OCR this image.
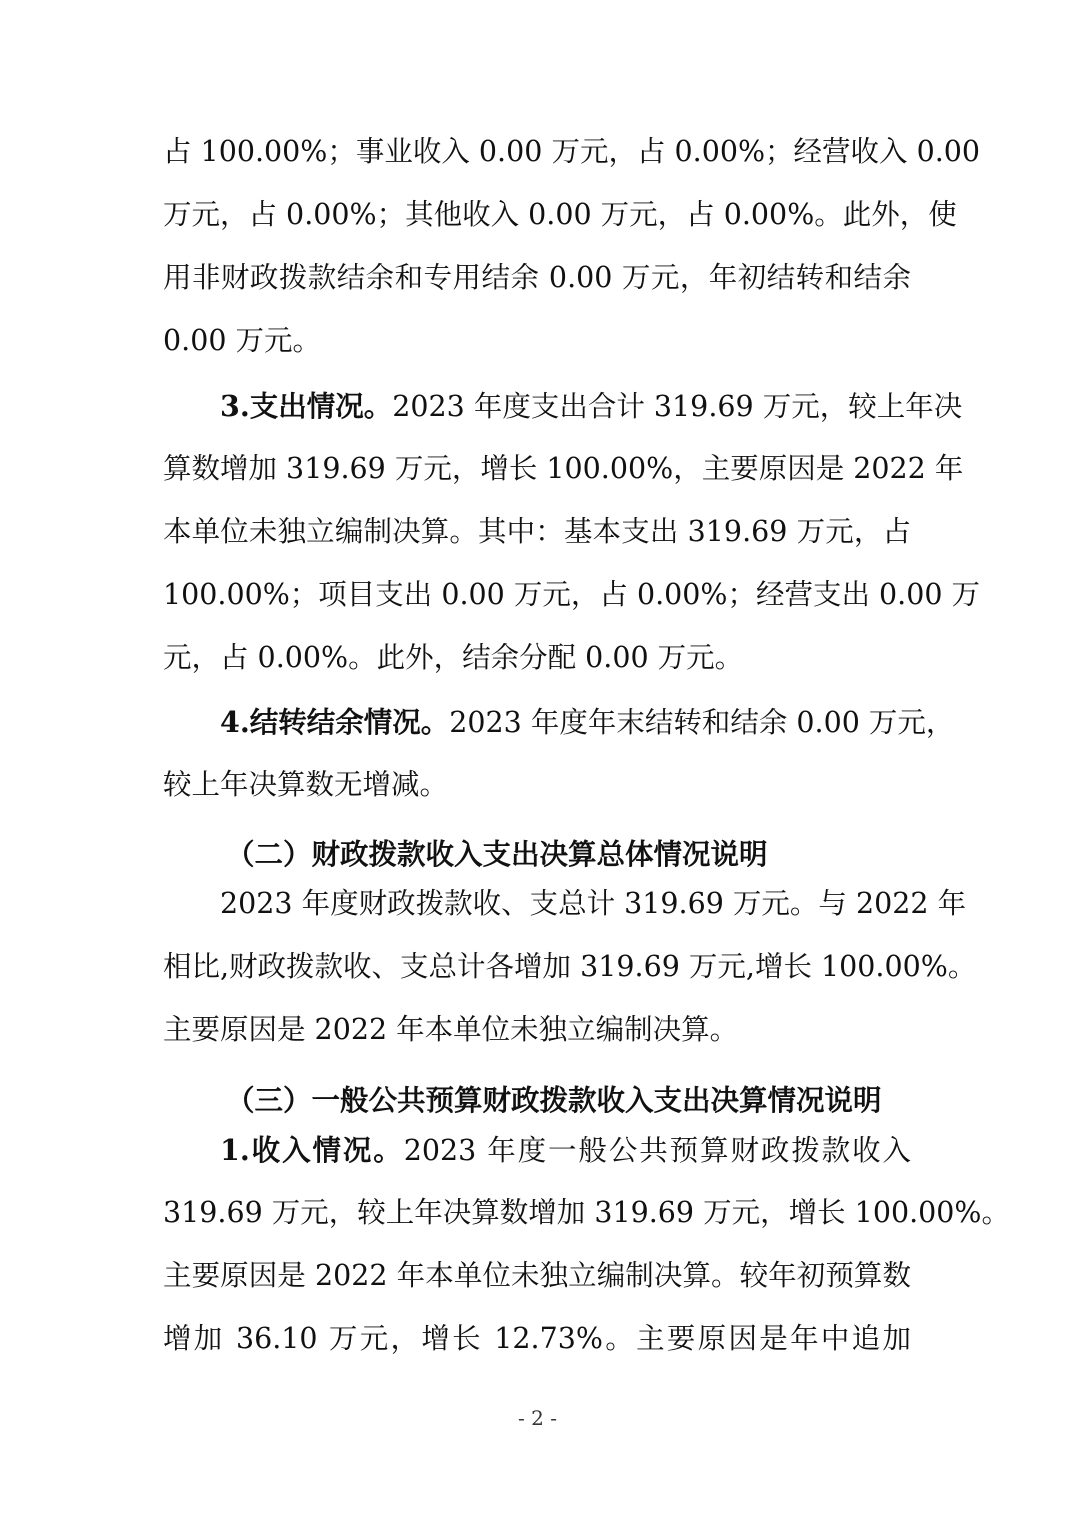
占 100.00%；事业收入 0.00 万元，占 0.00%；经营收入 0.00
万元，占 0.00%；其他收入 0.00 万元，占 0.00%。此外，使
用非财政拨款结余和专用结余 0.00 万元，年初结转和结余
0.00 万元。
3.支出情况。2023 年度支出合计 319.69 万元，较上年决
算数增加 319.69 万元，增长 100.00%，主要原因是 2022 年
本单位未独立编制决算。其中：基本支出 319.69 万元，占
100.00%；项目支出 0.00 万元，占 0.00%；经营支出 0.00 万
元，占 0.00%。此外，结余分配 0.00 万元。
4.结转结余情况。2023 年度年末结转和结余 0.00 万元，
较上年决算数无增减。
（二）财政拨款收入支出决算总体情况说明
2023 年度财政拨款收、支总计 319.69 万元。与 2022 年
相比,财政拨款收、支总计各增加 319.69 万元,增长 100.00%。
主要原因是 2022 年本单位未独立编制决算。
（三）一般公共预算财政拨款收入支出决算情况说明
1.收入情况。2023 年度一般公共预算财政拨款收入
319.69 万元，较上年决算数增加 319.69 万元，增长 100.00%。
主要原因是 2022 年本单位未独立编制决算。较年初预算数
增加 36.10 万元，增长 12.73%。主要原因是年中追加
- 2 -
